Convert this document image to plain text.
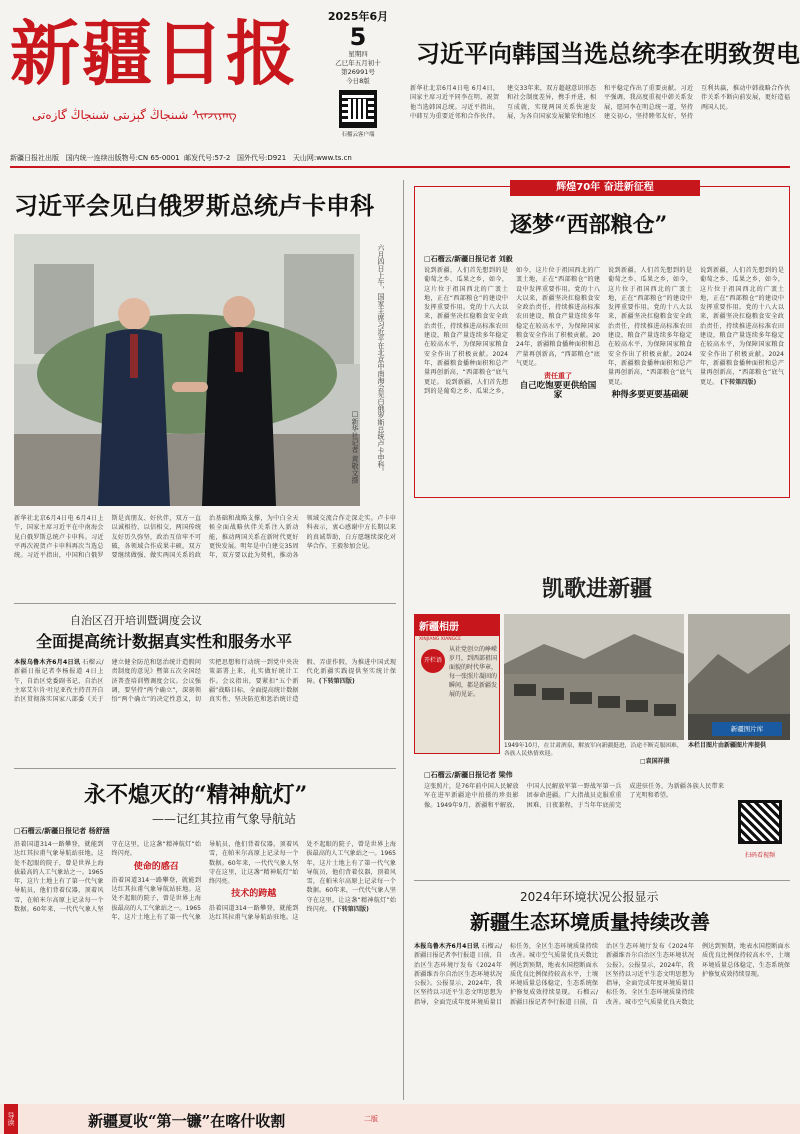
新疆日报
شىنجاڭ گېزىتى شىنجاڭ گازەتى ᠰᠢᠨᠵᠢᠶᠠᠩ
2025年6月
5
星期四
乙巳年五月初十
第26991号
今日8版
石榴云客户端
新疆日报社出版 国内统一连续出版物号:CN 65-0001 邮发代号:57-2 国外代号:D921 天山网:www.ts.cn
习近平向韩国当选总统李在明致贺电
新华社北京6月4日电 6月4日，国家主席习近平同李在明，祝贺他当选韩国总统。习近平指出，中韩互为重要近邻和合作伙伴。建交33年来，双方超越意识形态和社会制度差异，携手并进，相互成就，实现两国关系快速发展，为各自国家发展繁荣和地区和平稳定作出了重要贡献。习近平强调，我高度重视中韩关系发展，愿同李在明总统一道，坚持建交初心，坚持睦邻友好，坚持互利共赢，推动中韩战略合作伙伴关系不断向前发展，更好造福两国人民。
习近平会见白俄罗斯总统卢卡申科
六月四日上午，国家主席习近平在北京中南海会见白俄罗斯总统卢卡申科。
□新华社记者 黄敬文摄
新华社北京6月4日电 6月4日上午，国家主席习近平在中南海会见白俄罗斯总统卢卡申科。习近平再次祝贺卢卡申科再次当选总统。习近平指出，中国和白俄罗斯是真朋友、好伙伴，双方一直以诚相待，以信相交，两国传统友好历久弥坚，政治互信牢不可破，各领域合作成果丰硕。双方要继续做强、做实两国关系的政治基础和战略支撑，为中白全天候全面战略伙伴关系注入新动能，推动两国关系在新时代更好更快发展。明年是中白建交35周年，双方要以此为契机，推动各领域交流合作走深走实。卢卡申科表示，衷心感谢中方长期以来的真诚帮助，白方愿继续深化对华合作。王毅参加会见。
自治区召开培训暨调度会议
全面提高统计数据真实性和服务水平
本报乌鲁木齐6月4日讯 石榴云/新疆日报记者李杨报道 4日上午，自治区党委副书记、自治区主席艾尔肯·吐尼亚孜主持召开自治区贯彻落实国家八部委《关于建立健全防范和惩治统计造假问责制度的意见》暨第五次全国经济普查培训暨调度会议。会议强调，要坚持“两个确立”，深刻领悟“两个确立”的决定性意义，切实把思想和行动统一到党中央决策部署上来，扎实做好统计工作。会议指出，要紧扣“五个新疆”战略目标，全面提高统计数据真实性，坚决防范和惩治统计造假、弄虚作假，为推进中国式现代化新疆实践提供坚实统计保障。(下转第四版)
永不熄灭的“精神航灯”
——记红其拉甫气象导航站
□石榴云/新疆日报记者 杨舒涵
沿着国道314一路攀登，就能到达红其拉甫气象导航站驻地。这处不起眼的院子，曾是世界上海拔最高的人工气象站之一。1965年，这片土地上有了第一代气象导航员，他们背着仪器，顶着风雪，在帕米尔高原上记录每一个数据。60年来，一代代气象人坚守在这里，让这盏“精神航灯”始终闪亮。
使命的感召
沿着国道314一路攀登，就能到达红其拉甫气象导航站驻地。这处不起眼的院子，曾是世界上海拔最高的人工气象站之一。1965年，这片土地上有了第一代气象导航员，他们背着仪器，顶着风雪，在帕米尔高原上记录每一个数据。60年来，一代代气象人坚守在这里，让这盏“精神航灯”始终闪亮。
技术的跨越
沿着国道314一路攀登，就能到达红其拉甫气象导航站驻地。这处不起眼的院子，曾是世界上海拔最高的人工气象站之一。1965年，这片土地上有了第一代气象导航员，他们背着仪器，顶着风雪，在帕米尔高原上记录每一个数据。60年来，一代代气象人坚守在这里，让这盏“精神航灯”始终闪亮。 (下转第四版)
辉煌70年 奋进新征程
逐梦“西部粮仓”
□石榴云/新疆日报记者 刘毅
说到新疆，人们首先想到的是葡萄之乡、瓜果之乡，如今，这片位于祖国西北的广袤土地，正在“西部粮仓”的建设中发挥重要作用。党的十八大以来，新疆坚决扛稳粮食安全政治责任，持续推进高标准农田建设，粮食产量连续多年稳定在较高水平，为保障国家粮食安全作出了积极贡献。2024年，新疆粮食播种面积和总产量再创新高，“西部粮仓”底气更足。 说到新疆，人们首先想到的是葡萄之乡、瓜果之乡，如今，这片位于祖国西北的广袤土地，正在“西部粮仓”的建设中发挥重要作用。党的十八大以来，新疆坚决扛稳粮食安全政治责任，持续推进高标准农田建设，粮食产量连续多年稳定在较高水平，为保障国家粮食安全作出了积极贡献。2024年，新疆粮食播种面积和总产量再创新高，“西部粮仓”底气更足。
责任重了
自己吃饱要更供给国家
说到新疆，人们首先想到的是葡萄之乡、瓜果之乡，如今，这片位于祖国西北的广袤土地，正在“西部粮仓”的建设中发挥重要作用。党的十八大以来，新疆坚决扛稳粮食安全政治责任，持续推进高标准农田建设，粮食产量连续多年稳定在较高水平，为保障国家粮食安全作出了积极贡献。2024年，新疆粮食播种面积和总产量再创新高，“西部粮仓”底气更足。
种得多要更要基础硬
说到新疆，人们首先想到的是葡萄之乡、瓜果之乡，如今，这片位于祖国西北的广袤土地，正在“西部粮仓”的建设中发挥重要作用。党的十八大以来，新疆坚决扛稳粮食安全政治责任，持续推进高标准农田建设，粮食产量连续多年稳定在较高水平，为保障国家粮食安全作出了积极贡献。2024年，新疆粮食播种面积和总产量再创新高，“西部粮仓”底气更足。 (下转第四版)
凯歌进新疆
新疆相册
XINJIANG XIANGCE
开栏语
从社党创立的峥嵘岁月，到西部祖国面貌的时代华章，每一张照片凝固的瞬间，都是新疆发展的见证。
1949年10月，在甘肃酒泉，解放军向新疆挺进，沿途不断克服困难，各族人民热情欢迎。
□袁国祥摄
新疆图片库
本栏目图片由新疆图片库提供
□石榴云/新疆日报记者 梁伟
这张照片，是76年前中国人民解放军在进军新疆途中拍摄的珍贵影像。1949年9月，新疆和平解放，中国人民解放军第一野战军第一兵团奉命进疆。广大指战员克服重重困难，日夜兼程，于当年年底前完成进驻任务，为新疆各族人民带来了光明和希望。
扫码看视频
2024年环境状况公报显示
新疆生态环境质量持续改善
本报乌鲁木齐6月4日讯 石榴云/新疆日报记者李行报道 日前，自治区生态环境厅发布《2024年新疆维吾尔自治区生态环境状况公报》。公报显示，2024年，我区坚持以习近平生态文明思想为指导，全面完成年度环境质量目标任务，全区生态环境质量持续改善。城市空气质量优良天数比例达到预期，地表水国控断面水质优良比例保持较高水平，土壤环境质量总体稳定，生态系统保护修复成效持续显现。 石榴云/新疆日报记者李行报道 日前，自治区生态环境厅发布《2024年新疆维吾尔自治区生态环境状况公报》。公报显示，2024年，我区坚持以习近平生态文明思想为指导，全面完成年度环境质量目标任务，全区生态环境质量持续改善。城市空气质量优良天数比例达到预期，地表水国控断面水质优良比例保持较高水平，土壤环境质量总体稳定，生态系统保护修复成效持续显现。
导读	新疆夏收“第一镰”在喀什收割	二版
